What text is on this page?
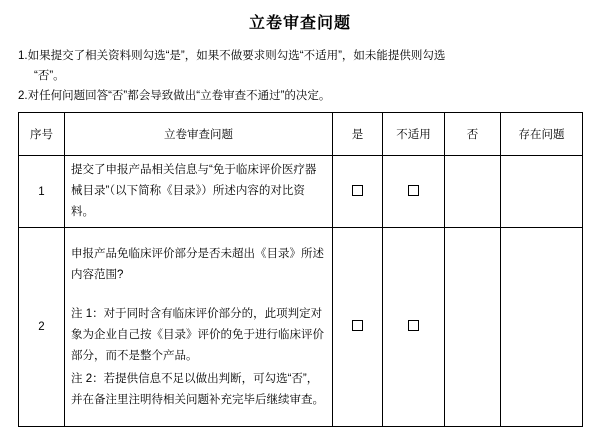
立卷审查问题
1.如果提交了相关资料则勾选“是”，如果不做要求则勾选“不适用”，如未能提供则勾选
“否”。
2.对任何问题回答“否”都会导致做出“立卷审查不通过”的决定。
序号	立卷审查问题	是	不适用	否	存在问题
1	提交了申报产品相关信息与“免于临床评价医疗器械目录”（以下简称《目录》）所述内容的对比资料。				

2	申报产品免临床评价部分是否未超出《目录》所述内容范围?

注 1：对于同时含有临床评价部分的，此项判定对象为企业自己按《目录》评价的免于进行临床评价部分，而不是整个产品。

注 2：若提供信息不足以做出判断，可勾选“否”，并在备注里注明待相关问题补充完毕后继续审查。				
